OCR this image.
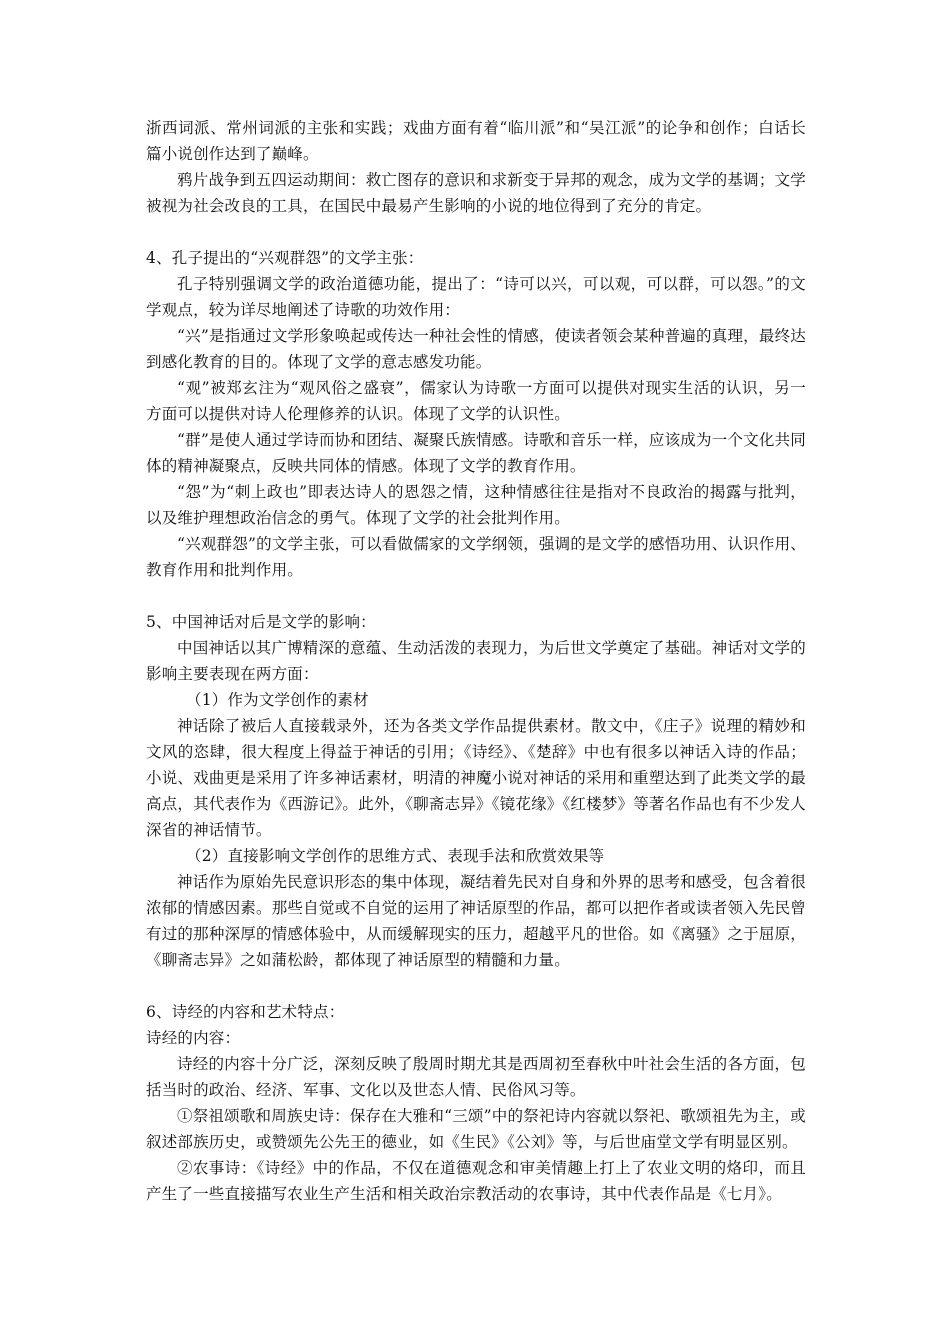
浙西词派、常州词派的主张和实践；戏曲方面有着“临川派”和“吴江派”的论争和创作；白话长篇小说创作达到了巅峰。

鸦片战争到五四运动期间：救亡图存的意识和求新变于异邦的观念，成为文学的基调；文学被视为社会改良的工具，在国民中最易产生影响的小说的地位得到了充分的肯定。

4、孔子提出的“兴观群怨”的文学主张：

孔子特别强调文学的政治道德功能，提出了：“诗可以兴，可以观，可以群，可以怨。”的文学观点，较为详尽地阐述了诗歌的功效作用：

“兴”是指通过文学形象唤起或传达一种社会性的情感，使读者领会某种普遍的真理，最终达到感化教育的目的。体现了文学的意志感发功能。

“观”被郑玄注为“观风俗之盛衰”，儒家认为诗歌一方面可以提供对现实生活的认识，另一方面可以提供对诗人伦理修养的认识。体现了文学的认识性。

“群”是使人通过学诗而协和团结、凝聚氏族情感。诗歌和音乐一样，应该成为一个文化共同体的精神凝聚点，反映共同体的情感。体现了文学的教育作用。

“怨”为“刺上政也”即表达诗人的恩怨之情，这种情感往往是指对不良政治的揭露与批判，以及维护理想政治信念的勇气。体现了文学的社会批判作用。

“兴观群怨”的文学主张，可以看做儒家的文学纲领，强调的是文学的感悟功用、认识作用、教育作用和批判作用。

5、中国神话对后是文学的影响：

中国神话以其广博精深的意蕴、生动活泼的表现力，为后世文学奠定了基础。神话对文学的影响主要表现在两方面：

（1）作为文学创作的素材

神话除了被后人直接载录外，还为各类文学作品提供素材。散文中，《庄子》说理的精妙和文风的恣肆，很大程度上得益于神话的引用；《诗经》、《楚辞》中也有很多以神话入诗的作品；小说、戏曲更是采用了许多神话素材，明清的神魔小说对神话的采用和重塑达到了此类文学的最高点，其代表作为《西游记》。此外，《聊斋志异》《镜花缘》《红楼梦》等著名作品也有不少发人深省的神话情节。

（2）直接影响文学创作的思维方式、表现手法和欣赏效果等

神话作为原始先民意识形态的集中体现，凝结着先民对自身和外界的思考和感受，包含着很浓郁的情感因素。那些自觉或不自觉的运用了神话原型的作品，都可以把作者或读者领入先民曾有过的那种深厚的情感体验中，从而缓解现实的压力，超越平凡的世俗。如《离骚》之于屈原，《聊斋志异》之如蒲松龄，都体现了神话原型的精髓和力量。

6、诗经的内容和艺术特点：

诗经的内容：

诗经的内容十分广泛，深刻反映了殷周时期尤其是西周初至春秋中叶社会生活的各方面，包括当时的政治、经济、军事、文化以及世态人情、民俗风习等。

①祭祖颂歌和周族史诗：保存在大雅和“三颂”中的祭祀诗内容就以祭祀、歌颂祖先为主，或叙述部族历史，或赞颂先公先王的德业，如《生民》《公刘》等，与后世庙堂文学有明显区别。

②农事诗：《诗经》中的作品，不仅在道德观念和审美情趣上打上了农业文明的烙印，而且产生了一些直接描写农业生产生活和相关政治宗教活动的农事诗，其中代表作品是《七月》。
